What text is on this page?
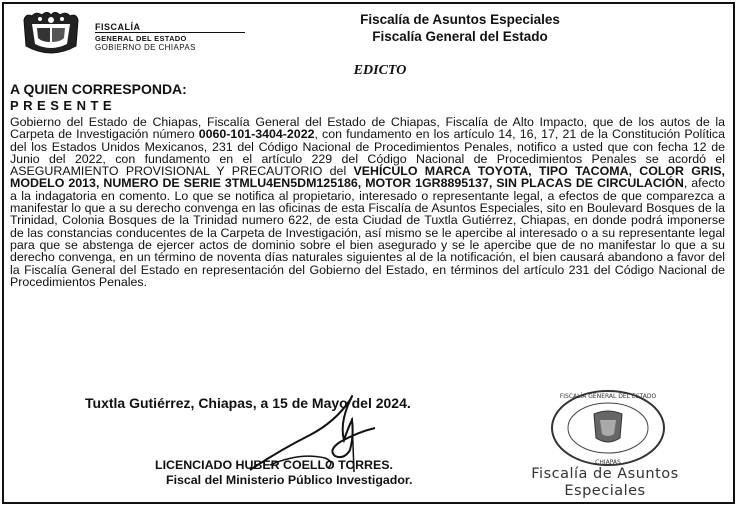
FISCALÍA
GENERAL DEL ESTADO
GOBIERNO DE CHIAPAS
Fiscalía de Asuntos Especiales
Fiscalía General del Estado
EDICTO
A QUIEN CORRESPONDA:
PRESENTE
Gobierno del Estado de Chiapas, Fiscalía General del Estado de Chiapas, Fiscalía de Alto Impacto, que de los autos de la Carpeta de Investigación número 0060-101-3404-2022, con fundamento en los artículo 14, 16, 17, 21 de la Constitución Política del los Estados Unidos Mexicanos, 231 del Código Nacional de Procedimientos Penales, notifico a usted que con fecha 12 de Junio del 2022, con fundamento en el artículo 229 del Código Nacional de Procedimientos Penales se acordó el ASEGURAMIENTO PROVISIONAL Y PRECAUTORIO del VEHÍCULO MARCA TOYOTA, TIPO TACOMA, COLOR GRIS, MODELO 2013, NUMERO DE SERIE 3TMLU4EN5DM125186, MOTOR 1GR8895137, SIN PLACAS DE CIRCULACIÓN, afecto a la indagatoria en comento. Lo que se notifica al propietario, interesado o representante legal, a efectos de que comparezca a manifestar lo que a su derecho convenga en las oficinas de esta Fiscalía de Asuntos Especiales, sito en Boulevard Bosques de la Trinidad, Colonia Bosques de la Trinidad numero 622, de esta Ciudad de Tuxtla Gutiérrez, Chiapas, en donde podrá imponerse de las constancias conducentes de la Carpeta de Investigación, así mismo se le apercibe al interesado o a su representante legal para que se abstenga de ejercer actos de dominio sobre el bien asegurado y se le apercibe que de no manifestar lo que a su derecho convenga, en un término de noventa días naturales siguientes al de la notificación, el bien causará abandono a favor del la Fiscalía General del Estado en representación del Gobierno del Estado, en términos del artículo 231 del Código Nacional de Procedimientos Penales.
Tuxtla Gutiérrez, Chiapas, a 15 de Mayo del 2024.
LICENCIADO HUBER COELLO TORRES.
Fiscal del Ministerio Público Investigador.
FISCALÍA GENERAL DEL ESTADO
CHIAPAS
Fiscalía de Asuntos
Especiales
